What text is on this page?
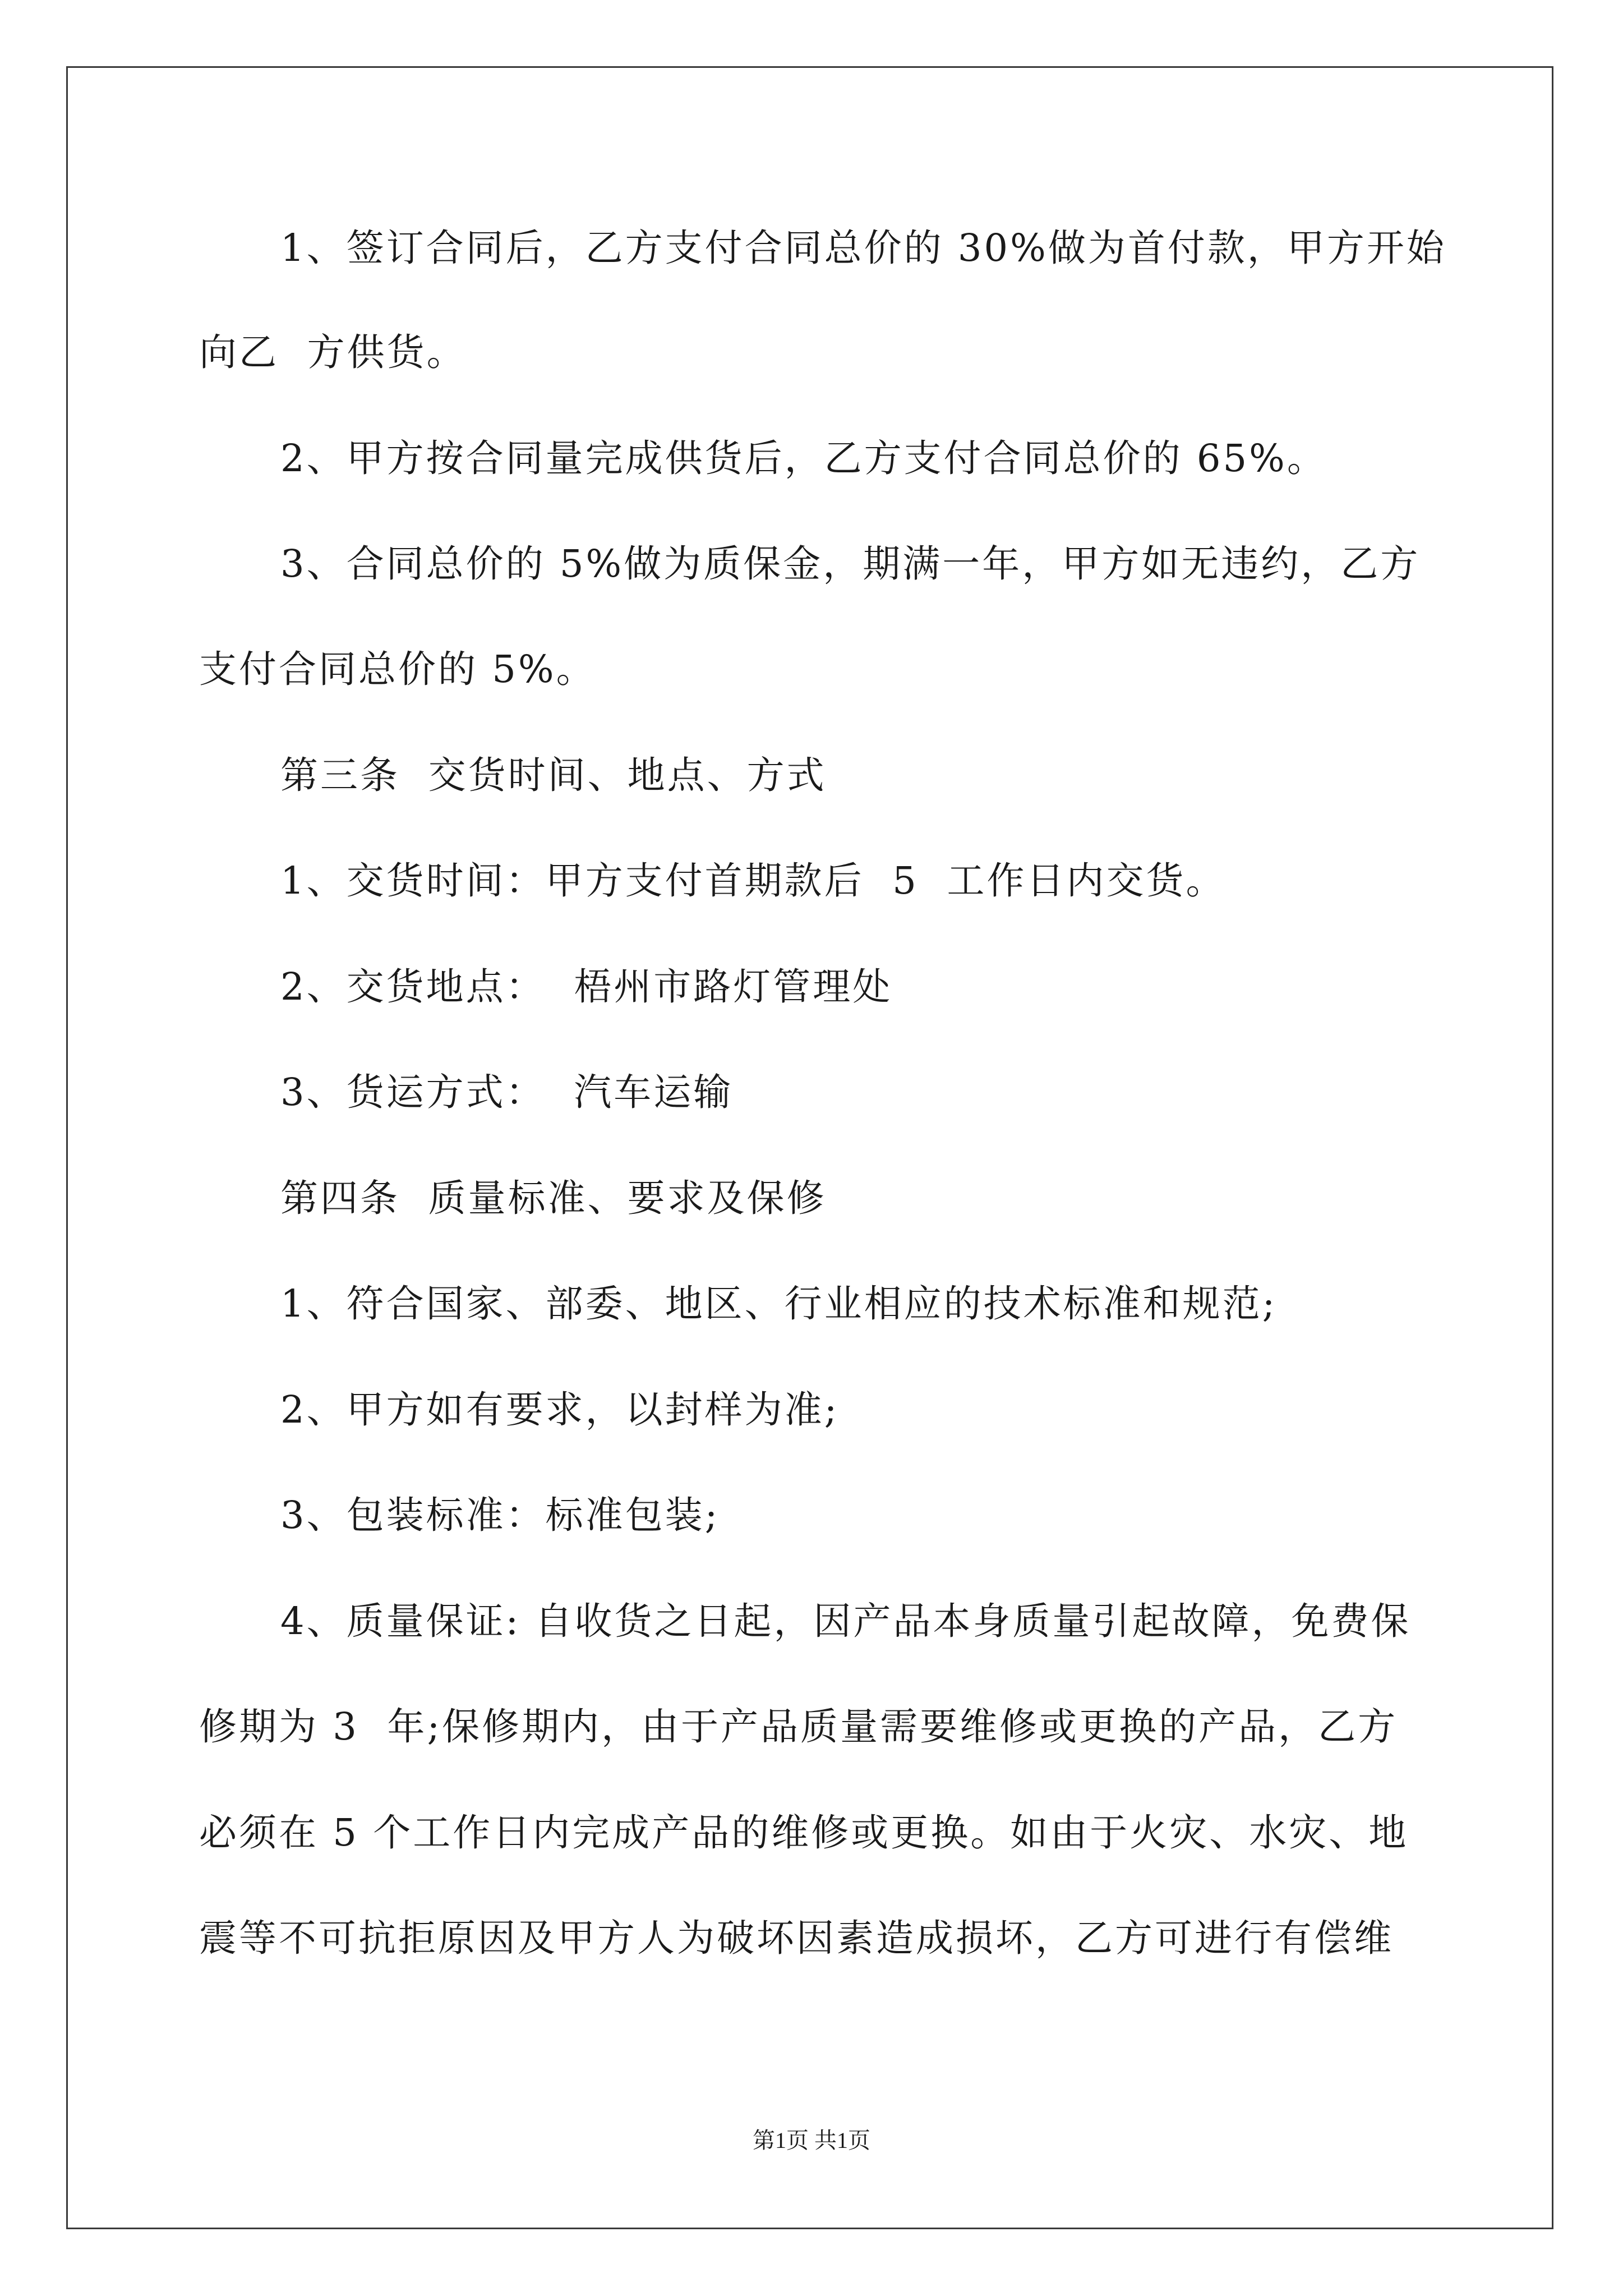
1、签订合同后，乙方支付合同总价的 30%做为首付款，甲方开始
向乙  方供货。
2、甲方按合同量完成供货后，乙方支付合同总价的 65%。
3、合同总价的 5%做为质保金，期满一年，甲方如无违约，乙方
支付合同总价的 5%。
第三条  交货时间、地点、方式
1、交货时间：甲方支付首期款后  5  工作日内交货。
2、交货地点：  梧州市路灯管理处
3、货运方式：  汽车运输
第四条  质量标准、要求及保修
1、符合国家、部委、地区、行业相应的技术标准和规范;
2、甲方如有要求，以封样为准;
3、包装标准：标准包装;
4、质量保证: 自收货之日起，因产品本身质量引起故障，免费保
修期为 3  年;保修期内，由于产品质量需要维修或更换的产品，乙方
必须在 5 个工作日内完成产品的维修或更换。如由于火灾、水灾、地
震等不可抗拒原因及甲方人为破坏因素造成损坏，乙方可进行有偿维
第1页 共1页
